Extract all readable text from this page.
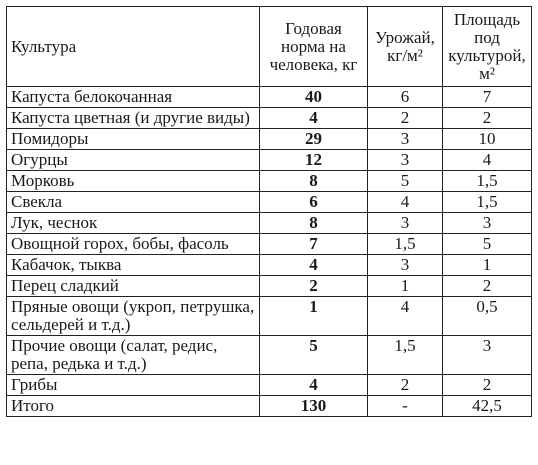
Культура	Годовая норма на человека, кг	Урожай, кг/м²	Площадь под культурой, м²
Капуста белокочанная	40	6	7
Капуста цветная (и другие виды)	4	2	2
Помидоры	29	3	10
Огурцы	12	3	4
Морковь	8	5	1,5
Свекла	6	4	1,5
Лук, чеснок	8	3	3
Овощной горох, бобы, фасоль	7	1,5	5
Кабачок, тыква	4	3	1
Перец сладкий	2	1	2
Пряные овощи (укроп, петрушка, сельдерей и т.д.)	1	4	0,5
Прочие овощи (салат, редис, репа, редька и т.д.)	5	1,5	3
Грибы	4	2	2
Итого	130	-	42,5
